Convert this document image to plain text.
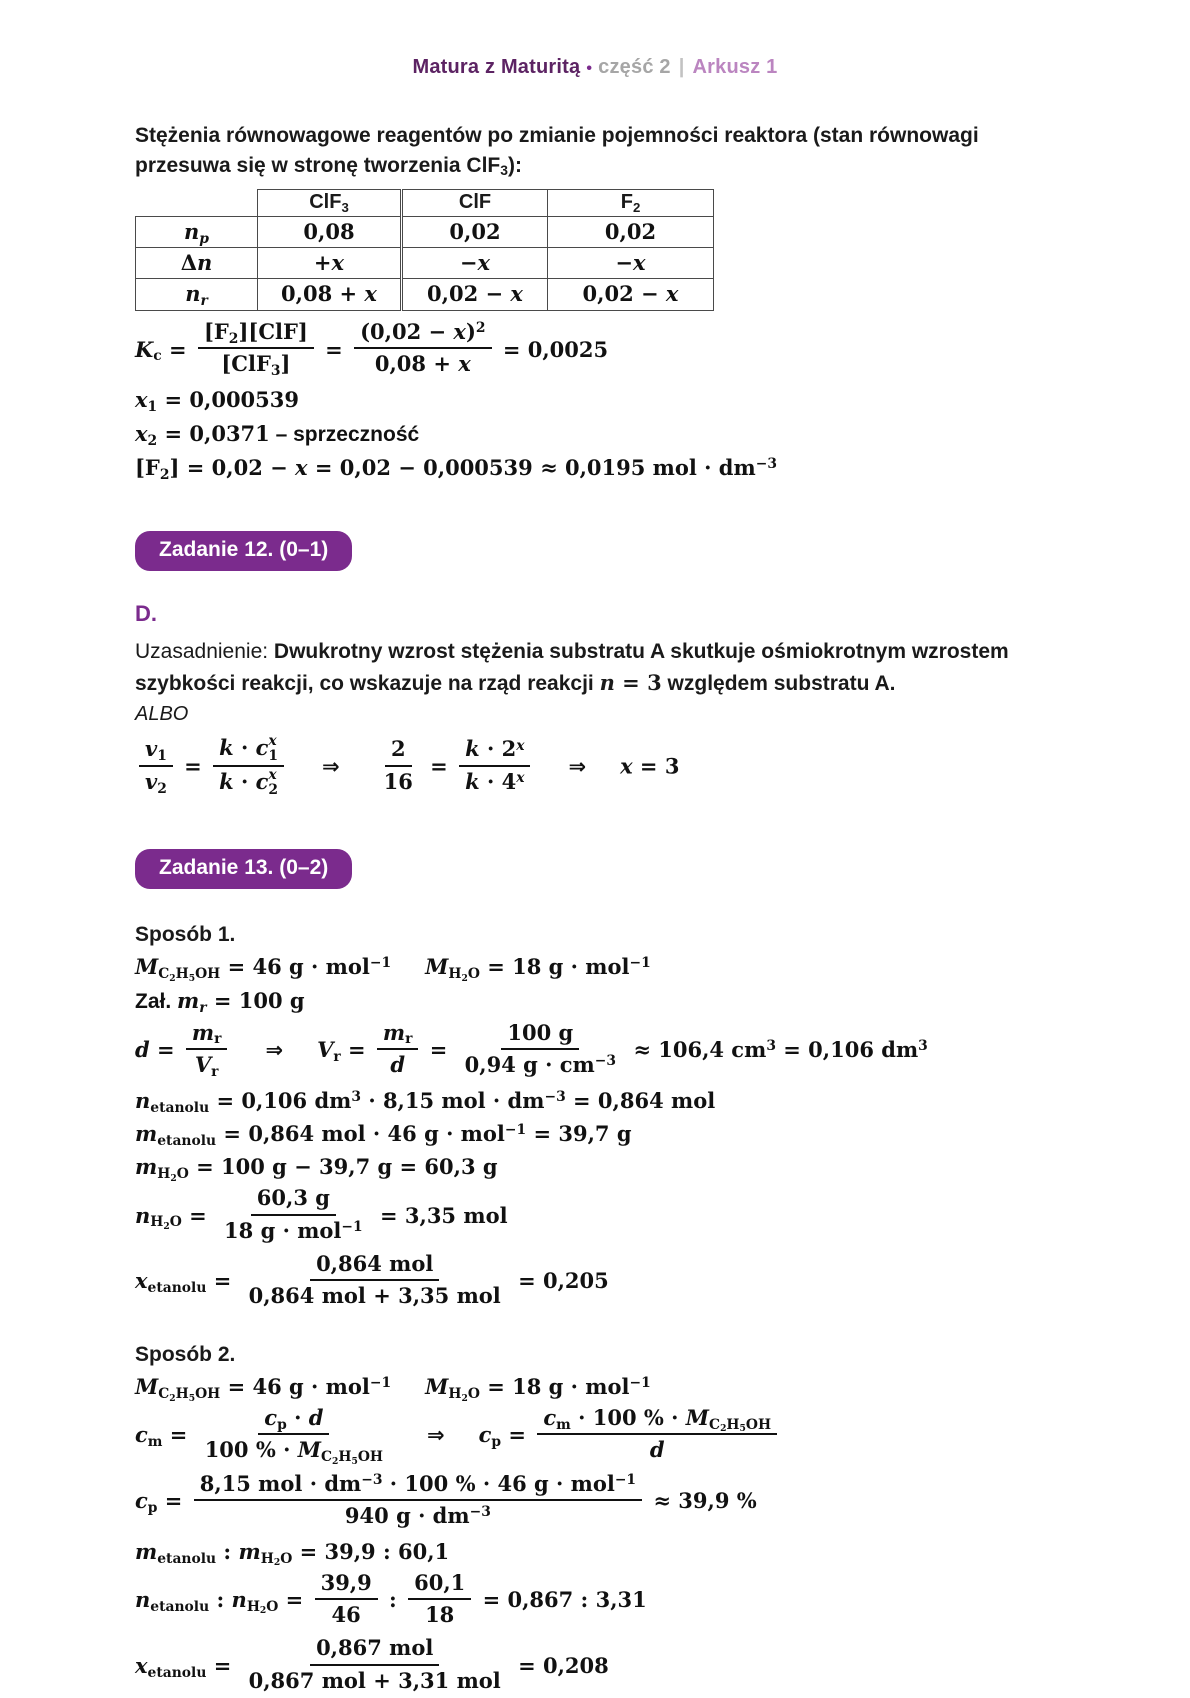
Matura z Maturitą • część 2 | Arkusz 1

Stężenia równowagowe reagentów po zmianie pojemności reaktora (stan równowagi przesuwa się w stronę tworzenia ClF3):

	ClF3	ClF	F2
np	0,08	0,02	0,02
Δn	+x	−x	−x
nr	0,08 + x	0,02 − x	0,02 − x
$Kc = \frac{\text{[F2][ClF]}}{\text{[ClF3]}} = \frac{(0,02 - x)^2}{0,08 + x} = 0,0025$
x1 = 0,000539
x2 = 0,0371 – sprzeczność
[F2] = 0,02 − x = 0,02 − 0,000539 ≈ 0,0195 mol · $dm^{-3}$
Zadanie 12. (0–1)

D.

Uzasadnienie: Dwukrotny wzrost stężenia substratu A skutkuje ośmiokrotnym wzrostem szybkości reakcji, co wskazuje na rząd reakcji n = 3 względem substratu A.

ALBO

$\frac{v1}{v2} = k \cdot c$ x
1
k · c x
2 ⇒ $\frac{2}{16} = \frac{k \cdot 2^x}{k \cdot 4^x}$ ⇒ x = 3
Zadanie 13. (0–2)

Sposób 1.

MC2H5OH = 46 g · mol$^{-1}$ MH2O = 18 g · mol$^{-1}$
Zał. mr = 100 g
$d = \frac{mr}{Vr}$ ⇒ $Vr = \frac{mr}{d} = \frac{100 g}{0,94 g \cdot cm^{-3}} \approx 106,4$ $cm^3 = 0,106$ $dm^3$
netanolu = 0,106 $dm^3 \cdot 8,15$ mol · $dm^{-3} = 0,864$ mol
metanolu = 0,864 mol · 46 g · mol$^{-1}$ = 39,7 g
mH2O = 100 g − 39,7 g = 60,3 g
$nH2O = \frac{60,3 g}{18 g \cdot mol^{-1}} = 3,35$ mol
xetanolu = $\frac{\text{0,864 mol}}{\text{0,864 mol + 3,35 mol}} = 0,205$

Sposób 2.

MC2H5OH = 46 g · mol$^{-1}$ MH2O = 18 g · mol$^{-1}$
cm = $\frac{cp \cdot d}{100 \% \cdot MC2H5OH}$ ⇒ cp = $\frac{cm \cdot 100 \% \cdot MC2H5OH}{d}$
cp = $\frac{8,15 mol \cdot dm^{-3} \cdot 100 \% \cdot 46 g \cdot mol^{-1}}{940 g \cdot dm^{-3}} \approx 39,9$ %
metanolu : mH2O = 39,9 : 60,1
netanolu : $nH2O = \frac{39,9}{46}$ : $\frac{60,1}{18} = 0,867$ : 3,31
xetanolu = $\frac{\text{0,867 mol}}{\text{0,867 mol + 3,31 mol}} = 0,208$
